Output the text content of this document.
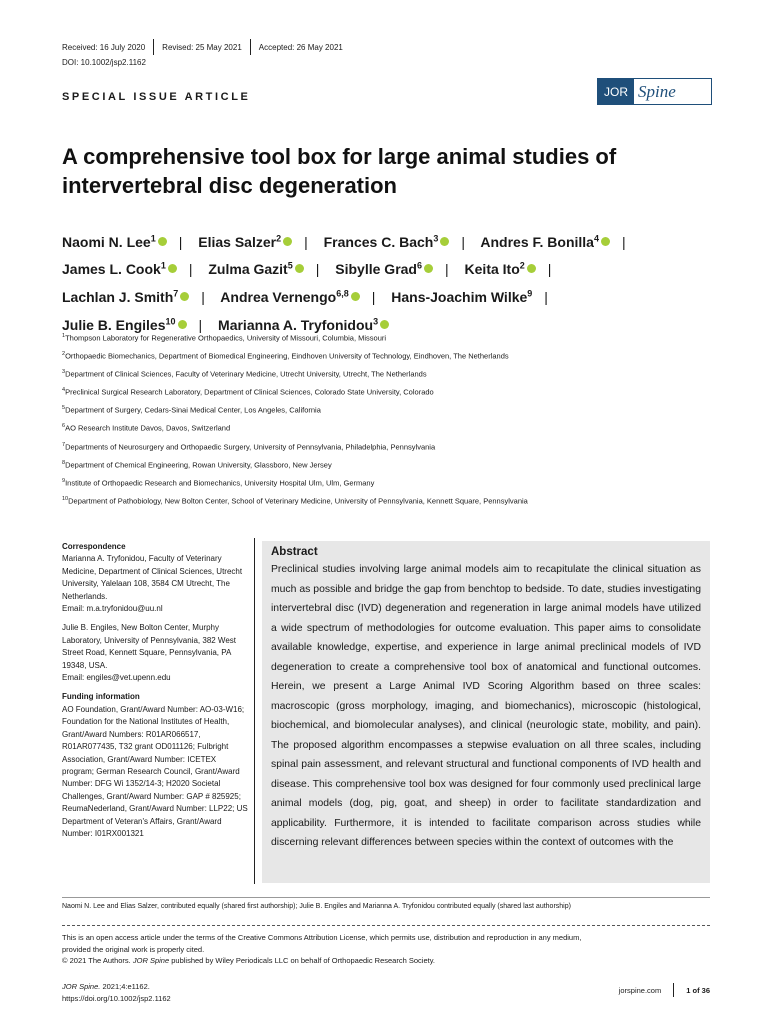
Received: 16 July 2020 Revised: 25 May 2021 Accepted: 26 May 2021
DOI: 10.1002/jsp2.1162
SPECIAL ISSUE ARTICLE	JOR Spine
A comprehensive tool box for large animal studies of intervertebral disc degeneration
Naomi N. Lee$^1$ | Elias Salzer$^2$ | Frances C. Bach$^3$ | Andres F. Bonilla$^4$ |
James L. Cook$^1$ | Zulma Gazit$^5$ | Sibylle Grad$^6$ | Keita Ito$^2$ |
Lachlan J. Smith$^7$ | Andrea Vernengo$^{6,8}$ | Hans-Joachim Wilke$^9$ |
Julie B. Engiles$^{10}$ | Marianna A. Tryfonidou$^3$
$^1$Thompson Laboratory for Regenerative Orthopaedics, University of Missouri, Columbia, Missouri
$^2$Orthopaedic Biomechanics, Department of Biomedical Engineering, Eindhoven University of Technology, Eindhoven, The Netherlands
$^3$Department of Clinical Sciences, Faculty of Veterinary Medicine, Utrecht University, Utrecht, The Netherlands
$^4$Preclinical Surgical Research Laboratory, Department of Clinical Sciences, Colorado State University, Colorado
$^5$Department of Surgery, Cedars-Sinai Medical Center, Los Angeles, California
$^6$AO Research Institute Davos, Davos, Switzerland
$^7$Departments of Neurosurgery and Orthopaedic Surgery, University of Pennsylvania, Philadelphia, Pennsylvania
$^8$Department of Chemical Engineering, Rowan University, Glassboro, New Jersey
$^9$Institute of Orthopaedic Research and Biomechanics, University Hospital Ulm, Ulm, Germany
$^{10}$Department of Pathobiology, New Bolton Center, School of Veterinary Medicine, University of Pennsylvania, Kennett Square, Pennsylvania
Correspondence

Marianna A. Tryfonidou, Faculty of Veterinary Medicine, Department of Clinical Sciences, Utrecht University, Yalelaan 108, 3584 CM Utrecht, The Netherlands.
Email: m.a.tryfonidou@uu.nl

Julie B. Engiles, New Bolton Center, Murphy Laboratory, University of Pennsylvania, 382 West Street Road, Kennett Square, Pennsylvania, PA 19348, USA.
Email: engiles@vet.upenn.edu

Funding information

AO Foundation, Grant/Award Number: AO-03-W16; Foundation for the National Institutes of Health, Grant/Award Numbers: R01AR066517, R01AR077435, T32 grant OD011126; Fulbright Association, Grant/Award Number: ICETEX program; German Research Council, Grant/Award Number: DFG Wi 1352/14-3; H2020 Societal Challenges, Grant/Award Number: GAP # 825925; ReumaNederland, Grant/Award Number: LLP22; US Department of Veteran's Affairs, Grant/Award Number: I01RX001321

Abstract
Preclinical studies involving large animal models aim to recapitulate the clinical situation as much as possible and bridge the gap from benchtop to bedside. To date, studies investigating intervertebral disc (IVD) degeneration and regeneration in large animal models have utilized a wide spectrum of methodologies for outcome evaluation. This paper aims to consolidate available knowledge, expertise, and experience in large animal preclinical models of IVD degeneration to create a comprehensive tool box of anatomical and functional outcomes. Herein, we present a Large Animal IVD Scoring Algorithm based on three scales: macroscopic (gross morphology, imaging, and biomechanics), microscopic (histological, biochemical, and biomolecular analyses), and clinical (neurologic state, mobility, and pain). The proposed algorithm encompasses a stepwise evaluation on all three scales, including spinal pain assessment, and relevant structural and functional components of IVD health and disease. This comprehensive tool box was designed for four commonly used preclinical large animal models (dog, pig, goat, and sheep) in order to facilitate standardization and applicability. Furthermore, it is intended to facilitate comparison across studies while discerning relevant differences between species within the context of outcomes with the
Naomi N. Lee and Elias Salzer, contributed equally (shared first authorship); Julie B. Engiles and Marianna A. Tryfonidou contributed equally (shared last authorship)
This is an open access article under the terms of the Creative Commons Attribution License, which permits use, distribution and reproduction in any medium,
provided the original work is properly cited.
© 2021 The Authors. JOR Spine published by Wiley Periodicals LLC on behalf of Orthopaedic Research Society.
JOR Spine. 2021;4:e1162.
https://doi.org/10.1002/jsp2.1162
jorspine.com	1 of 36
